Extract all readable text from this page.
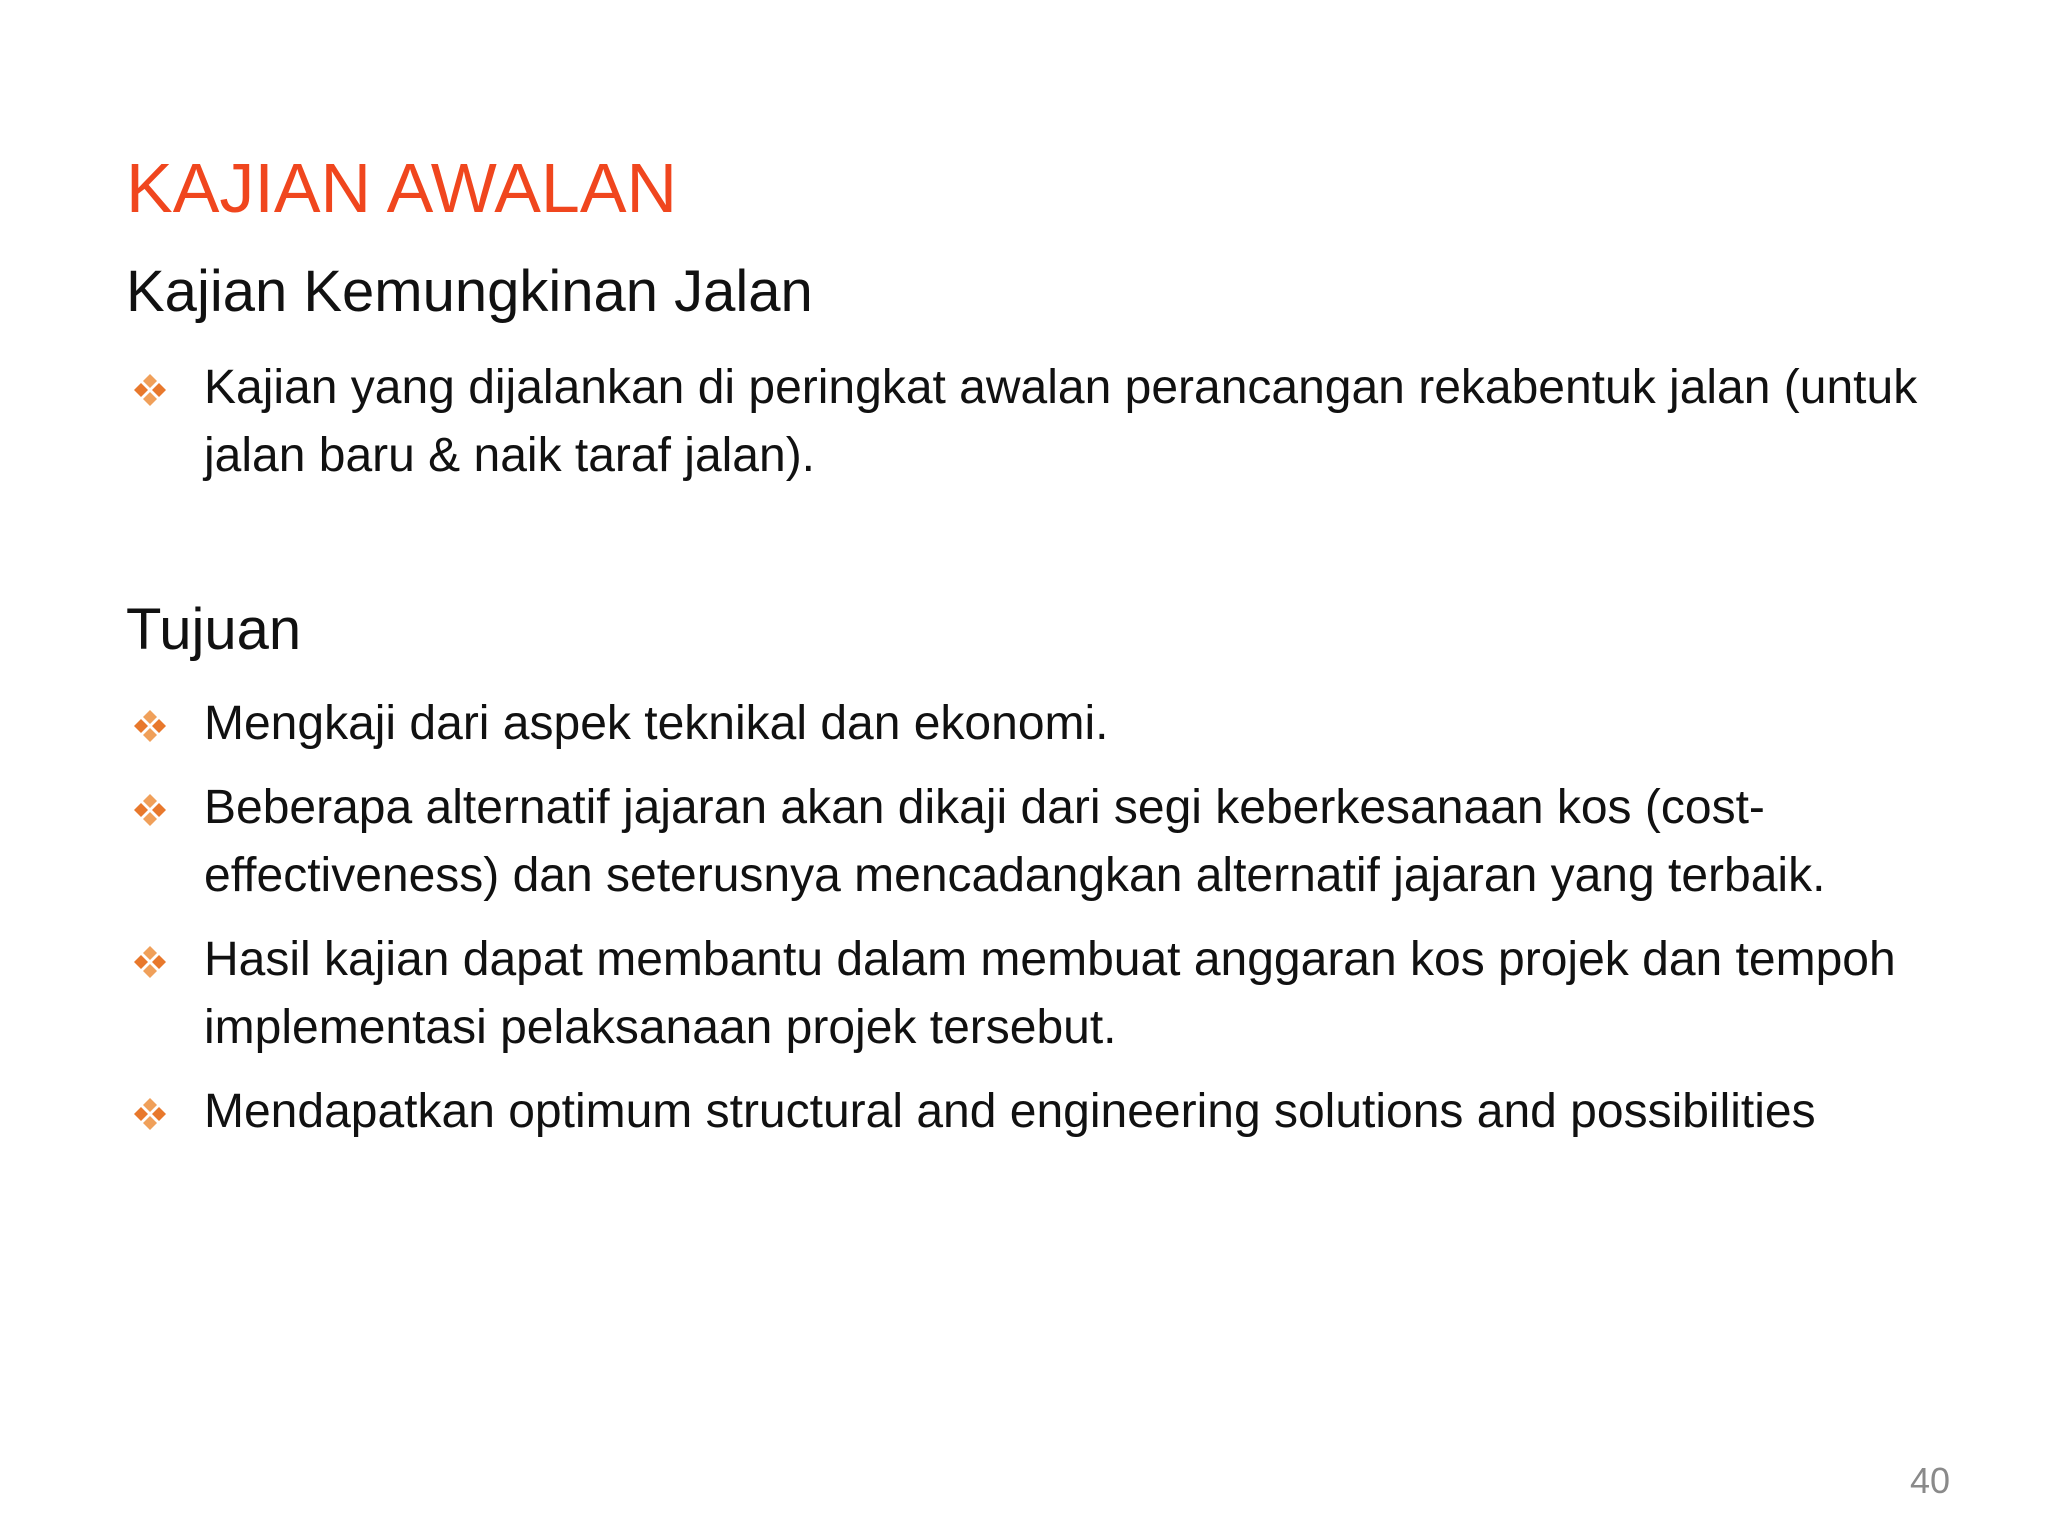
KAJIAN AWALAN
Kajian Kemungkinan Jalan
Kajian yang dijalankan di peringkat awalan perancangan rekabentuk jalan (untuk jalan baru & naik taraf jalan).
Tujuan
Mengkaji dari aspek teknikal dan ekonomi.
Beberapa alternatif jajaran akan dikaji dari segi keberkesanaan kos (cost-effectiveness) dan seterusnya mencadangkan alternatif jajaran yang terbaik.
Hasil kajian dapat membantu dalam membuat anggaran kos projek dan tempoh implementasi pelaksanaan projek tersebut.
Mendapatkan optimum structural and engineering solutions and possibilities
40
